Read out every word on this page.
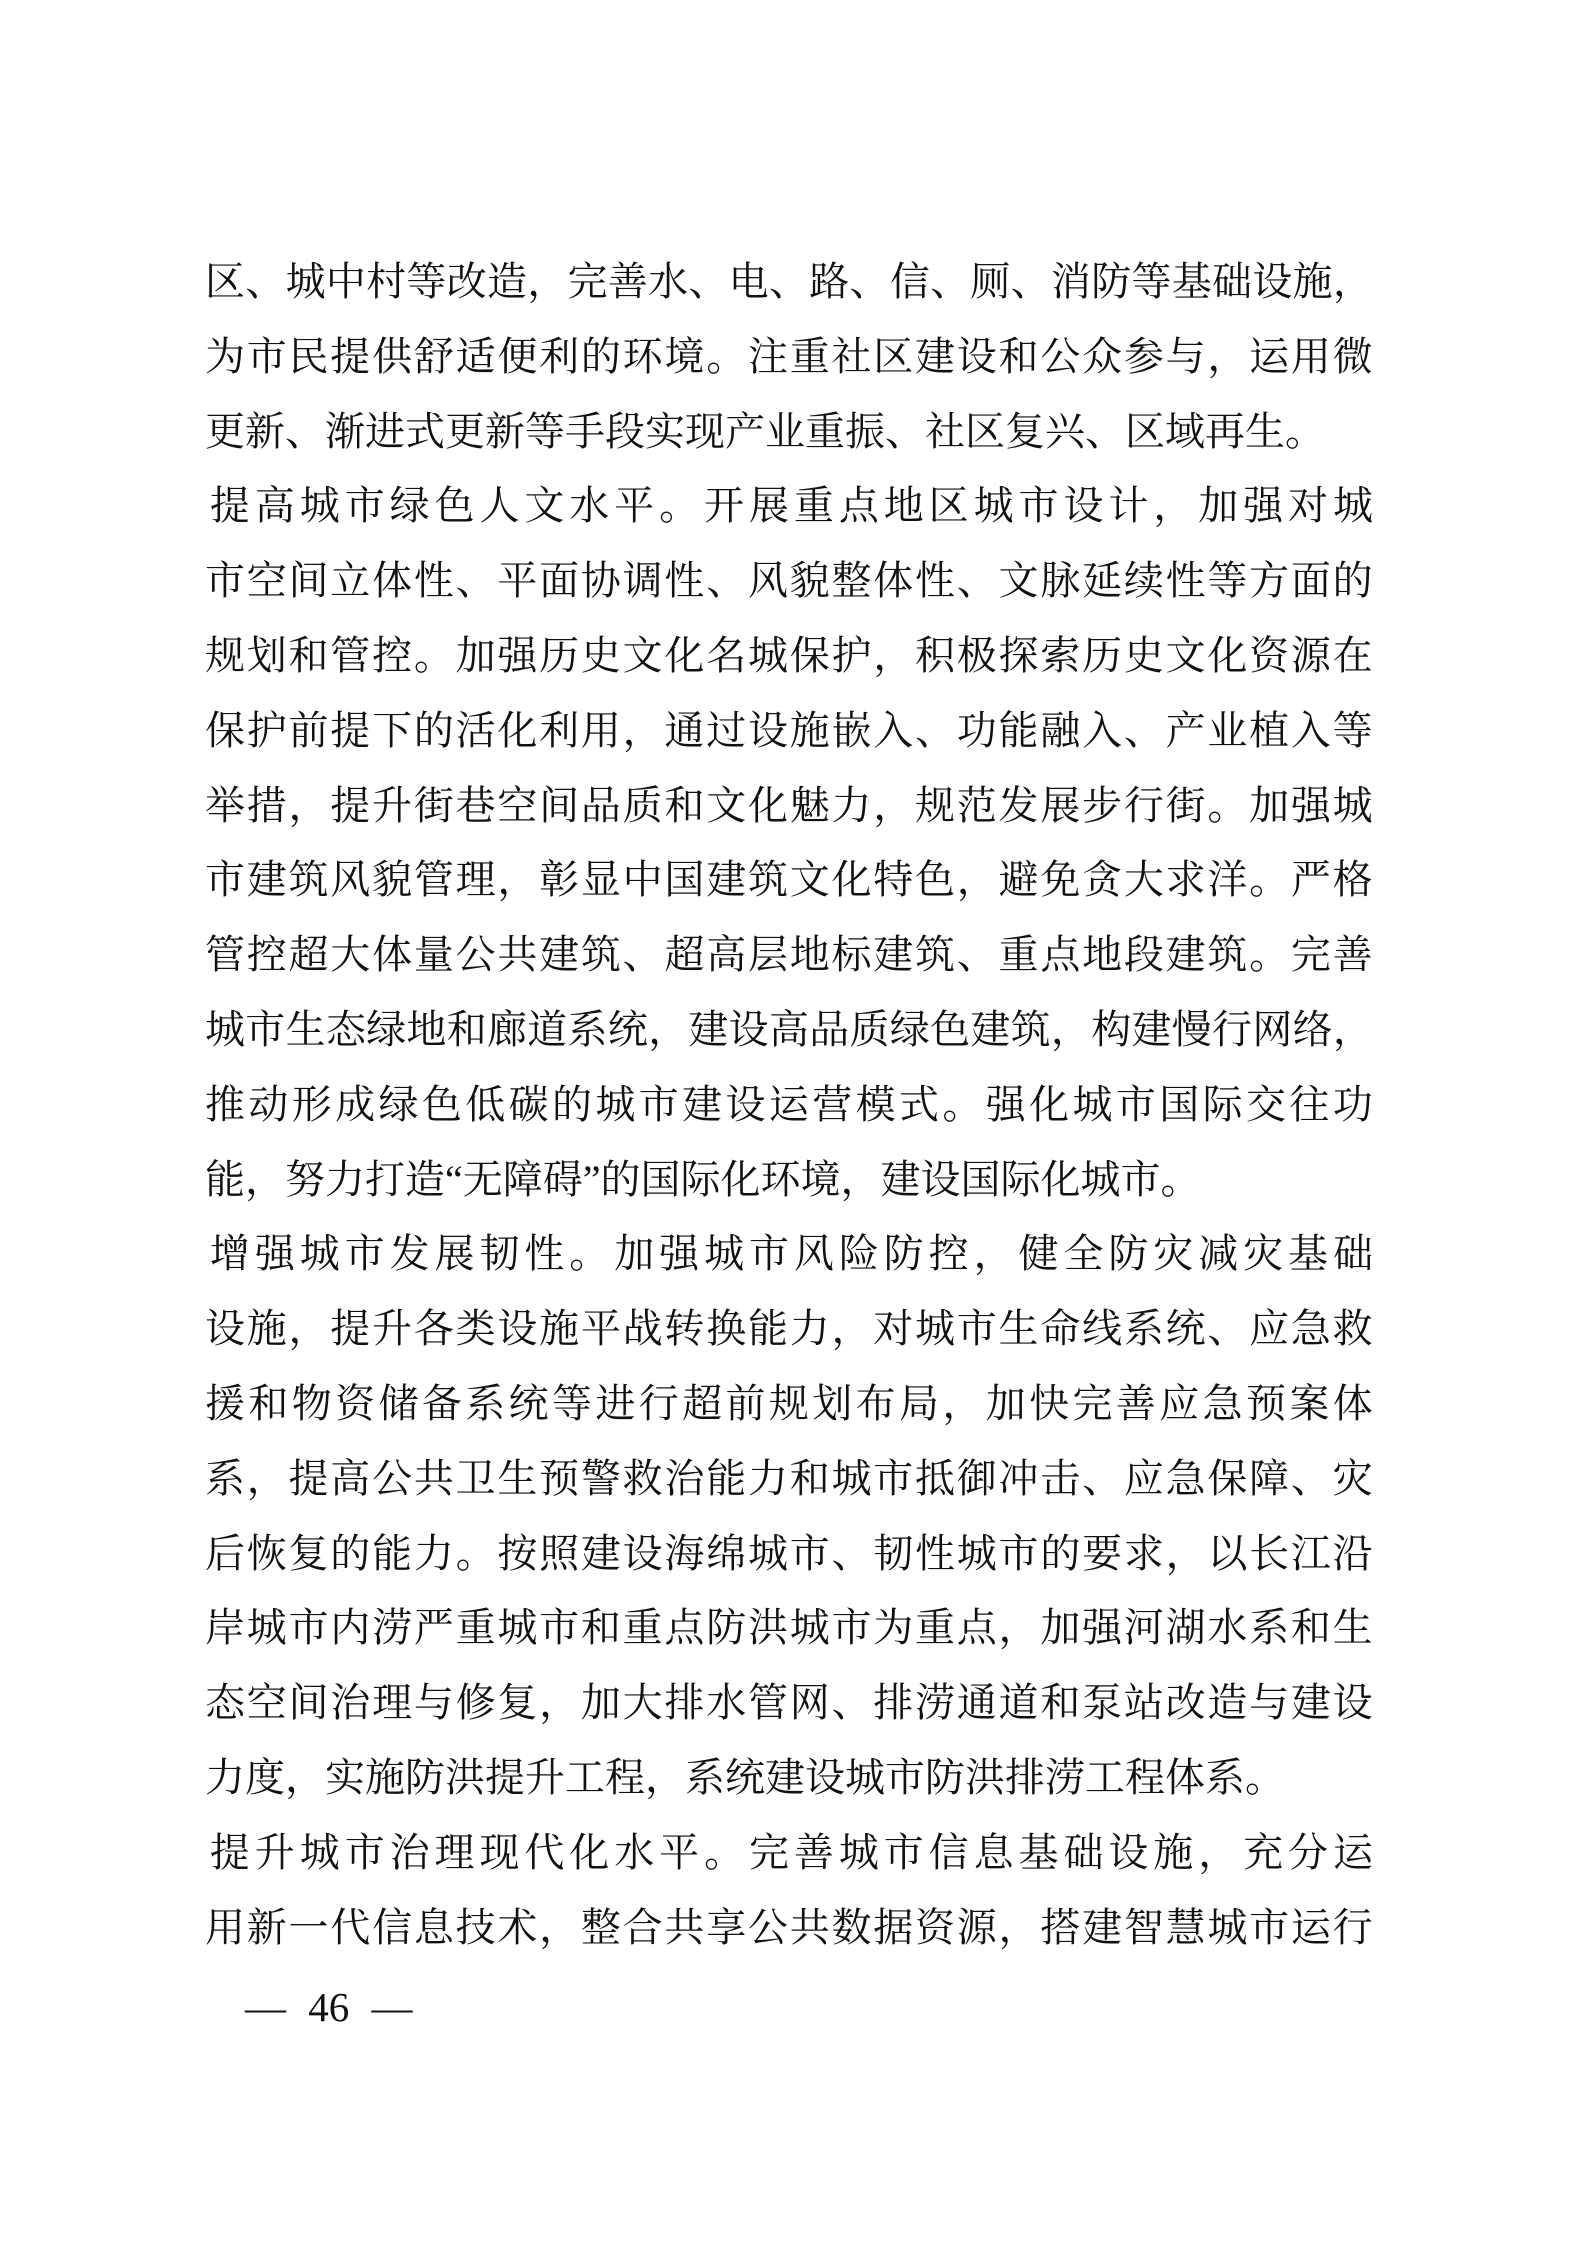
区 、 城 中 村 等 改 造 ， 完 善 水 、 电 、 路 、 信 、 厕 、 消 防 等 基 础 设 施 ，
为 市 民 提 供 舒 适 便 利 的 环 境 。 注 重 社 区 建 设 和 公 众 参 与 ， 运 用 微
更新、渐进式更新等手段实现产业重振、社区复兴、区域再生。
提 高 城 市 绿 色 人 文 水 平 。 开 展 重 点 地 区 城 市 设 计 ， 加 强 对 城
市 空 间 立 体 性 、 平 面 协 调 性 、 风 貌 整 体 性 、 文 脉 延 续 性 等 方 面 的
规 划 和 管 控 。 加 强 历 史 文 化 名 城 保 护 ， 积 极 探 索 历 史 文 化 资 源 在
保 护 前 提 下 的 活 化 利 用 ， 通 过 设 施 嵌 入 、 功 能 融 入 、 产 业 植 入 等
举 措 ， 提 升 街 巷 空 间 品 质 和 文 化 魅 力 ， 规 范 发 展 步 行 街 。 加 强 城
市 建 筑 风 貌 管 理 ， 彰 显 中 国 建 筑 文 化 特 色 ， 避 免 贪 大 求 洋 。 严 格
管 控 超 大 体 量 公 共 建 筑 、 超 高 层 地 标 建 筑 、 重 点 地 段 建 筑 。 完 善
城 市 生 态 绿 地 和 廊 道 系 统 ， 建 设 高 品 质 绿 色 建 筑 ， 构 建 慢 行 网 络 ，
推 动 形 成 绿 色 低 碳 的 城 市 建 设 运 营 模 式 。 强 化 城 市 国 际 交 往 功
能，努力打造“无障碍”的国际化环境，建设国际化城市。
增 强 城 市 发 展 韧 性 。 加 强 城 市 风 险 防 控 ， 健 全 防 灾 减 灾 基 础
设 施 ， 提 升 各 类 设 施 平 战 转 换 能 力 ， 对 城 市 生 命 线 系 统 、 应 急 救
援 和 物 资 储 备 系 统 等 进 行 超 前 规 划 布 局 ， 加 快 完 善 应 急 预 案 体
系 ， 提 高 公 共 卫 生 预 警 救 治 能 力 和 城 市 抵 御 冲 击 、 应 急 保 障 、 灾
后 恢 复 的 能 力 。 按 照 建 设 海 绵 城 市 、 韧 性 城 市 的 要 求 ， 以 长 江 沿
岸 城 市 内 涝 严 重 城 市 和 重 点 防 洪 城 市 为 重 点 ， 加 强 河 湖 水 系 和 生
态 空 间 治 理 与 修 复 ， 加 大 排 水 管 网 、 排 涝 通 道 和 泵 站 改 造 与 建 设
力度，实施防洪提升工程，系统建设城市防洪排涝工程体系。
提 升 城 市 治 理 现 代 化 水 平 。 完 善 城 市 信 息 基 础 设 施 ， 充 分 运
用 新 一 代 信 息 技 术 ， 整 合 共 享 公 共 数 据 资 源 ， 搭 建 智 慧 城 市 运 行
— 46 —
